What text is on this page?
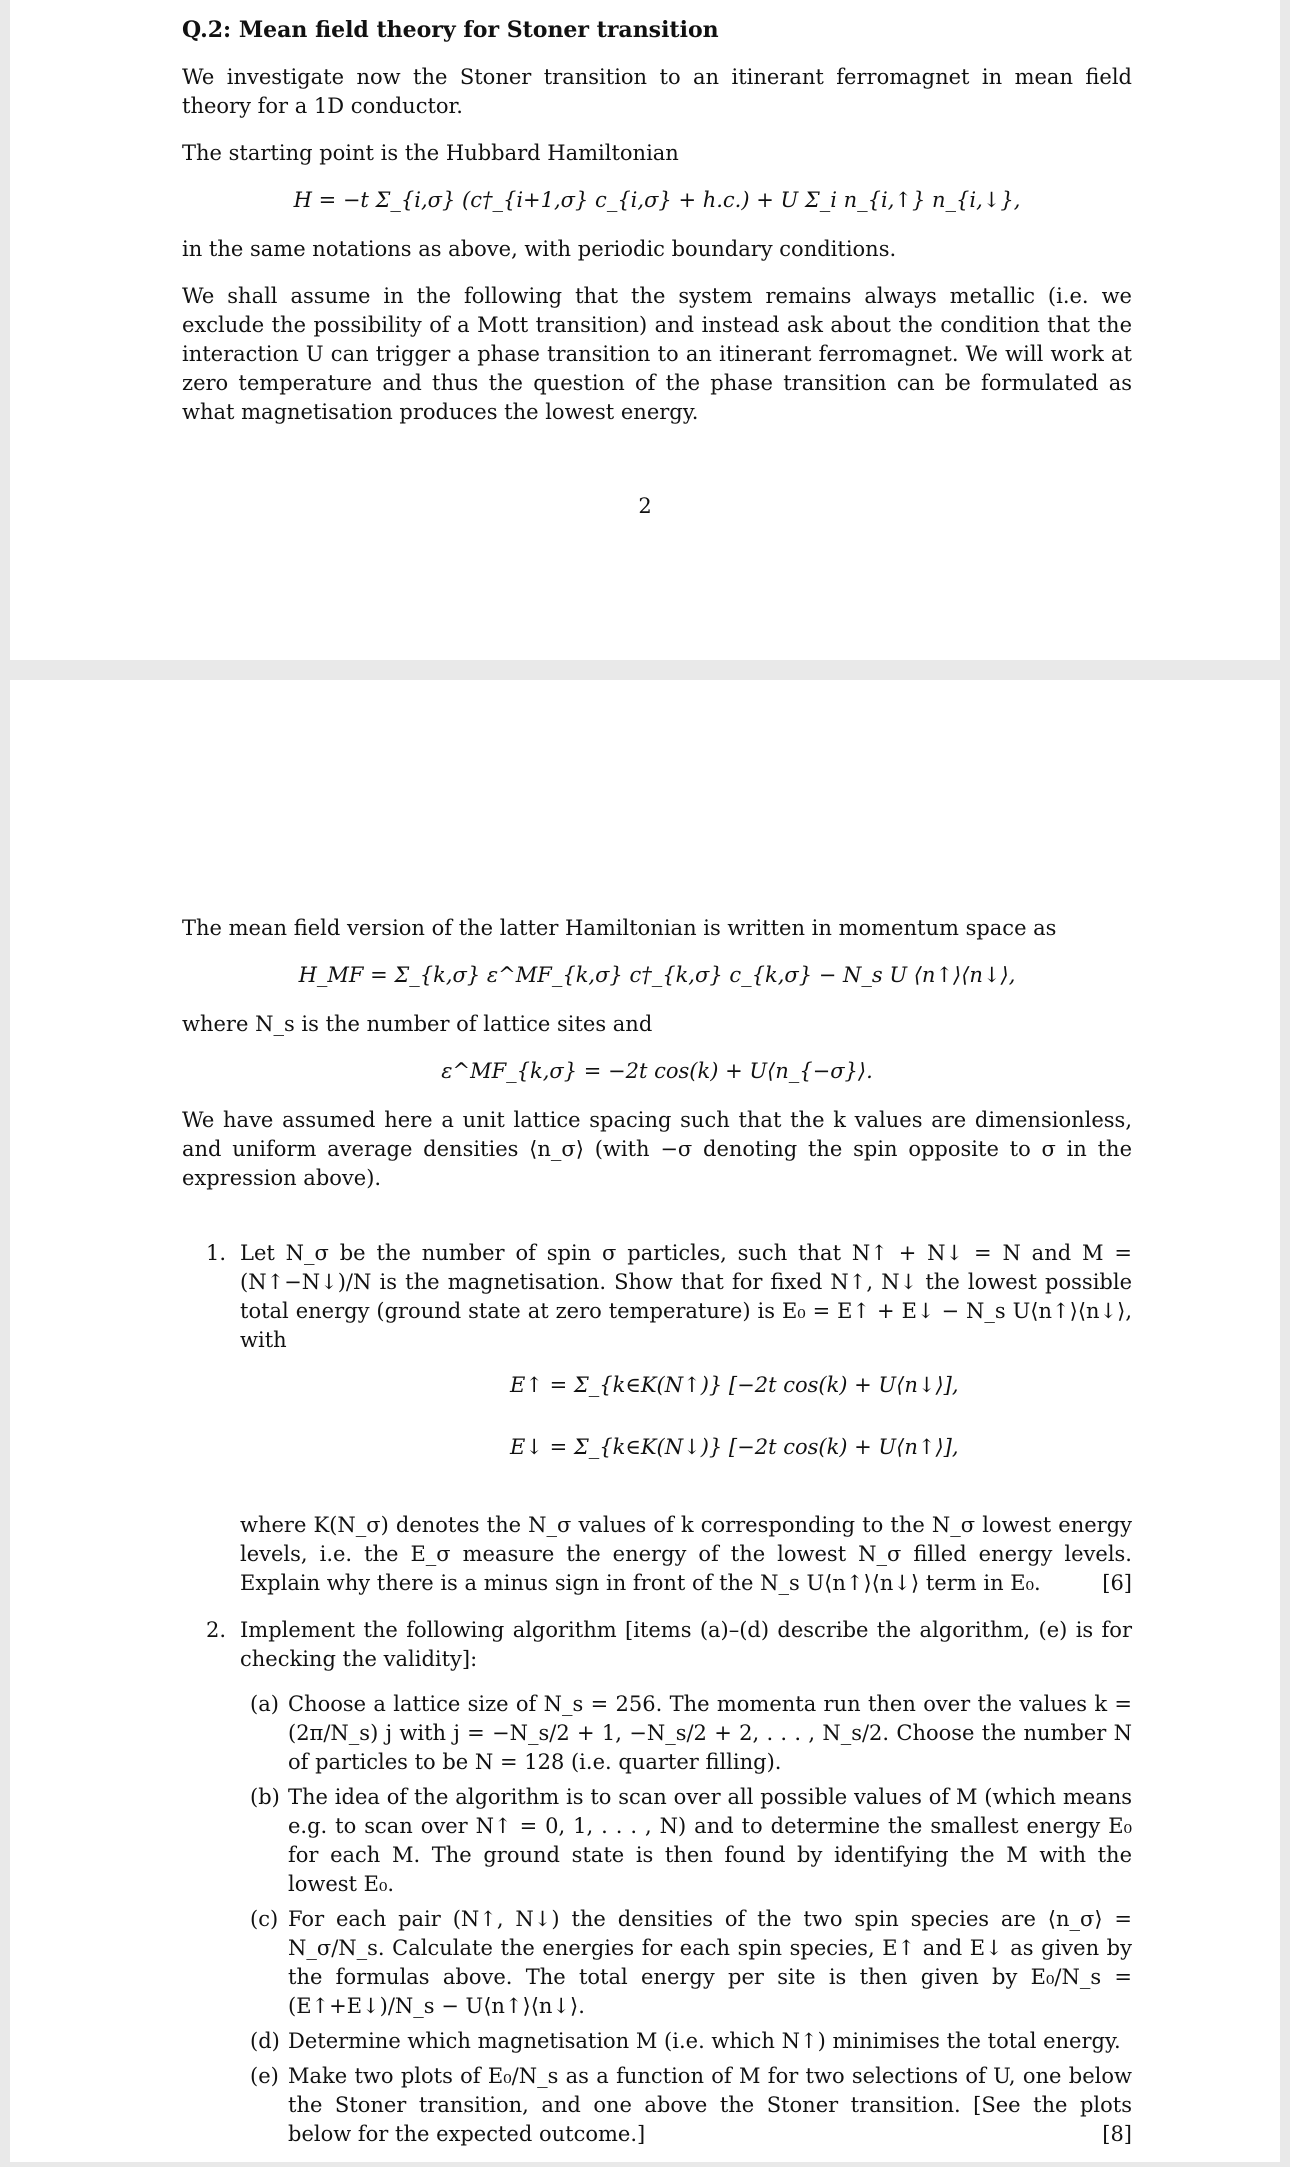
Q.2: Mean field theory for Stoner transition

We investigate now the Stoner transition to an itinerant ferromagnet in mean field theory for a 1D conductor.

The starting point is the Hubbard Hamiltonian

H = −t Σ_{i,σ} (c†_{i+1,σ} c_{i,σ} + h.c.) + U Σ_i n_{i,↑} n_{i,↓},

in the same notations as above, with periodic boundary conditions.

We shall assume in the following that the system remains always metallic (i.e. we exclude the possibility of a Mott transition) and instead ask about the condition that the interaction U can trigger a phase transition to an itinerant ferromagnet. We will work at zero temperature and thus the question of the phase transition can be formulated as what magnetisation produces the lowest energy.

2

The mean field version of the latter Hamiltonian is written in momentum space as

H_MF = Σ_{k,σ} ε^MF_{k,σ} c†_{k,σ} c_{k,σ} − N_s U ⟨n↑⟩⟨n↓⟩,

where N_s is the number of lattice sites and

ε^MF_{k,σ} = −2t cos(k) + U⟨n_{−σ}⟩.

We have assumed here a unit lattice spacing such that the k values are dimensionless, and uniform average densities ⟨n_σ⟩ (with −σ denoting the spin opposite to σ in the expression above).

1. Let N_σ be the number of spin σ particles, such that N↑ + N↓ = N and M = (N↑−N↓)/N is the magnetisation. Show that for fixed N↑, N↓ the lowest possible total energy (ground state at zero temperature) is E₀ = E↑ + E↓ − N_s U⟨n↑⟩⟨n↓⟩, with
E↑ = Σ_{k∈K(N↑)} [−2t cos(k) + U⟨n↓⟩],
E↓ = Σ_{k∈K(N↓)} [−2t cos(k) + U⟨n↑⟩],
where K(N_σ) denotes the N_σ values of k corresponding to the N_σ lowest energy levels, i.e. the E_σ measure the energy of the lowest N_σ filled energy levels. Explain why there is a minus sign in front of the N_s U⟨n↑⟩⟨n↓⟩ term in E₀.	[6]
2. Implement the following algorithm [items (a)–(d) describe the algorithm, (e) is for checking the validity]:
(a) Choose a lattice size of N_s = 256. The momenta run then over the values k = (2π/N_s) j with j = −N_s/2 + 1, −N_s/2 + 2, . . . , N_s/2. Choose the number N of particles to be N = 128 (i.e. quarter filling).
(b) The idea of the algorithm is to scan over all possible values of M (which means e.g. to scan over N↑ = 0, 1, . . . , N) and to determine the smallest energy E₀ for each M. The ground state is then found by identifying the M with the lowest E₀.
(c) For each pair (N↑, N↓) the densities of the two spin species are ⟨n_σ⟩ = N_σ/N_s. Calculate the energies for each spin species, E↑ and E↓ as given by the formulas above. The total energy per site is then given by E₀/N_s = (E↑+E↓)/N_s − U⟨n↑⟩⟨n↓⟩.
(d) Determine which magnetisation M (i.e. which N↑) minimises the total energy.
(e) Make two plots of E₀/N_s as a function of M for two selections of U, one below the Stoner transition, and one above the Stoner transition. [See the plots below for the expected outcome.]	[8]
